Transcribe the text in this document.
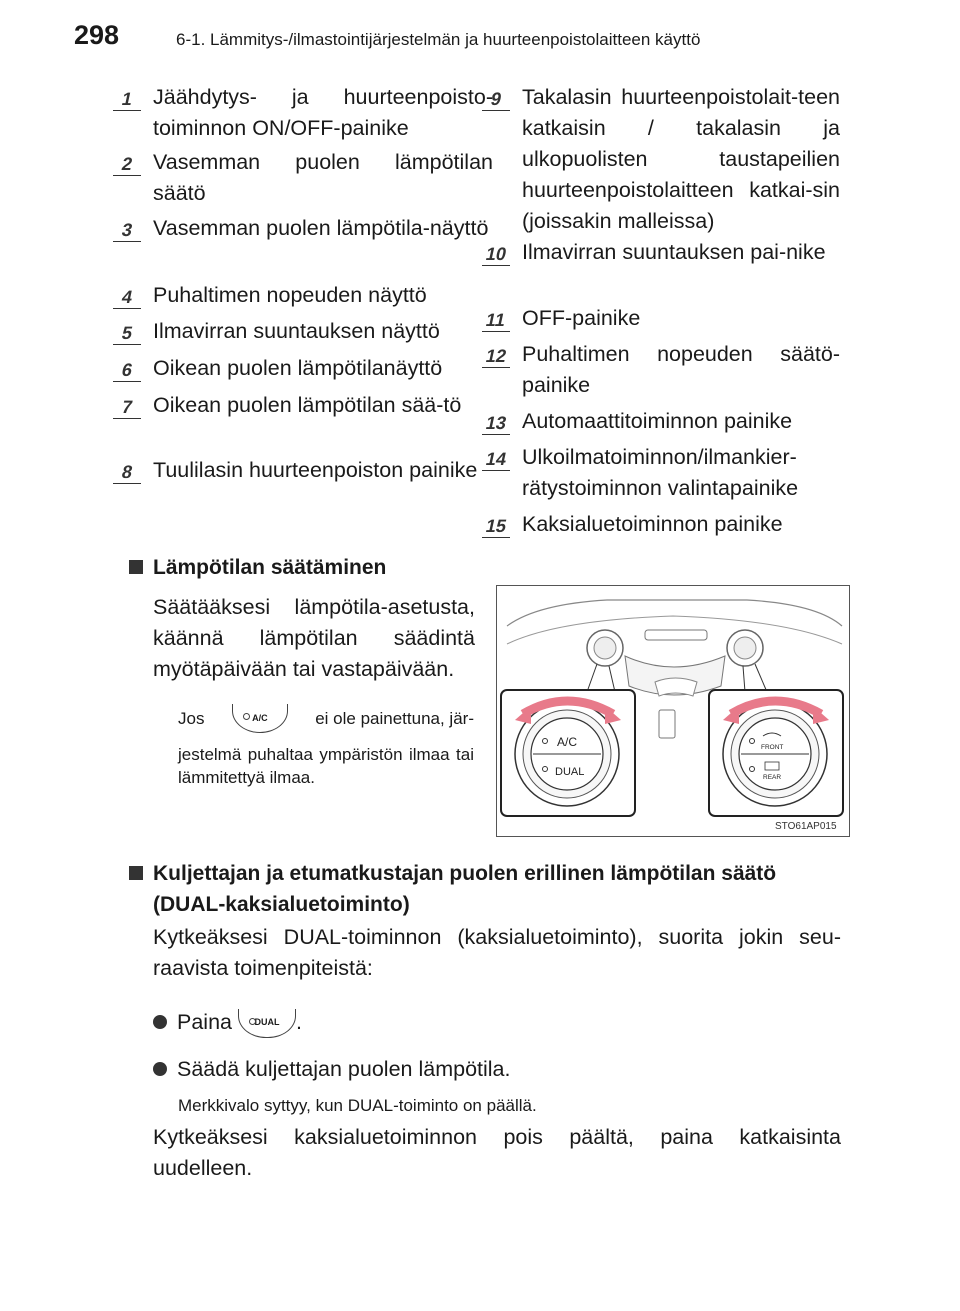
298	6-1. Lämmitys-/ilmastointijärjestelmän ja huurteenpoistolaitteen käyttö
1 Jäähdytys- ja huurteenpoisto-toiminnon ON/OFF-painike
2 Vasemman puolen lämpötilan säätö
3 Vasemman puolen lämpötila-näyttö
4 Puhaltimen nopeuden näyttö
5 Ilmavirran suuntauksen näyttö
6 Oikean puolen lämpötilanäyttö
7 Oikean puolen lämpötilan sää-tö
8 Tuulilasin huurteenpoiston painike
9 Takalasin huurteenpoistolait-teen katkaisin / takalasin ja ulkopuolisten taustapeilien huurteenpoistolaitteen katkai-sin (joissakin malleissa)
10 Ilmavirran suuntauksen pai-nike
11 OFF-painike
12 Puhaltimen nopeuden säätö-painike
13 Automaattitoiminnon painike
14 Ulkoilmatoiminnon/ilmankier-rätystoiminnon valintapainike
15 Kaksialuetoiminnon painike
Lämpötilan säätäminen
Säätääksesi lämpötila-asetusta, käännä lämpötilan säädintä myötäpäivään tai vastapäivään.
Jos	A/C	ei ole painettuna, jär-
jestelmä puhaltaa ympäristön ilmaa tai lämmitettyä ilmaa.
A/C
DUAL
FRONT
REAR
STO61AP015
Kuljettajan ja etumatkustajan puolen erillinen lämpötilan säätö
(DUAL-kaksialuetoiminto)
Kytkeäksesi DUAL-toiminnon (kaksialuetoiminto), suorita jokin seu-raavista toimenpiteistä:
Paina DUAL .
Säädä kuljettajan puolen lämpötila.
Merkkivalo syttyy, kun DUAL-toiminto on päällä.
Kytkeäksesi kaksialuetoiminnon pois päältä, paina katkaisinta uudelleen.
